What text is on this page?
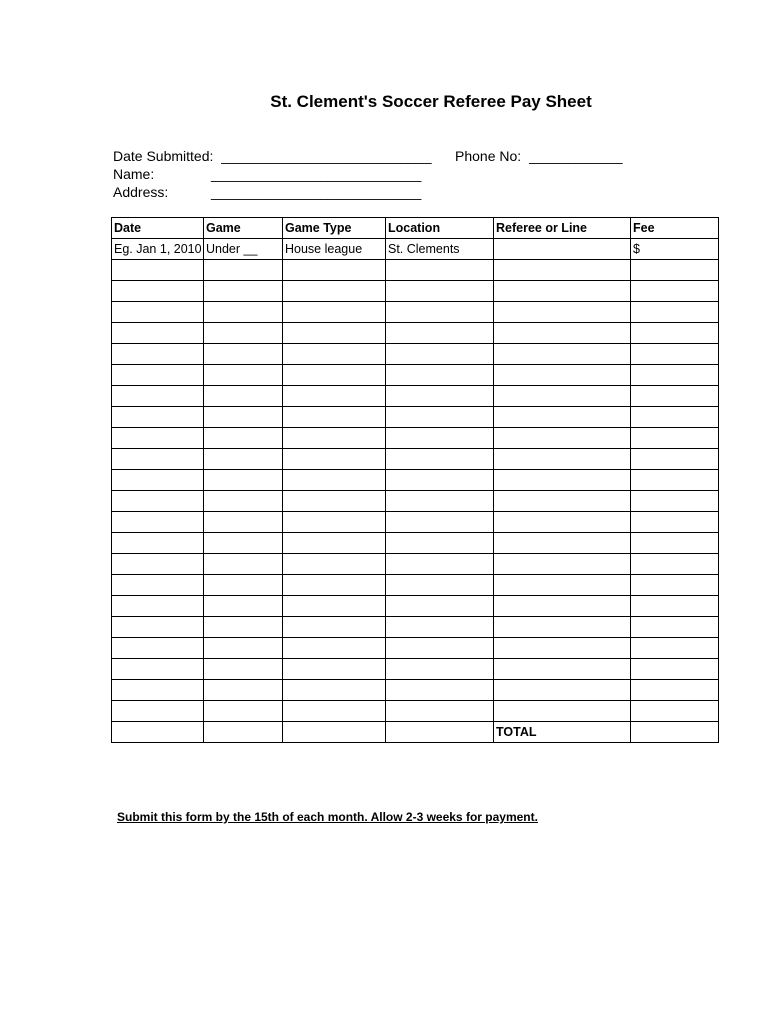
St. Clement's Soccer Referee Pay Sheet
Date Submitted: ___________________________ Phone No: ____________
Name:	___________________________
Address:	___________________________
Date	Game	Game Type	Location	Referee or Line	Fee
Eg. Jan 1, 2010	Under __	House league	St. Clements		$

				TOTAL	
Submit this form by the 15th of each month. Allow 2-3 weeks for payment.
